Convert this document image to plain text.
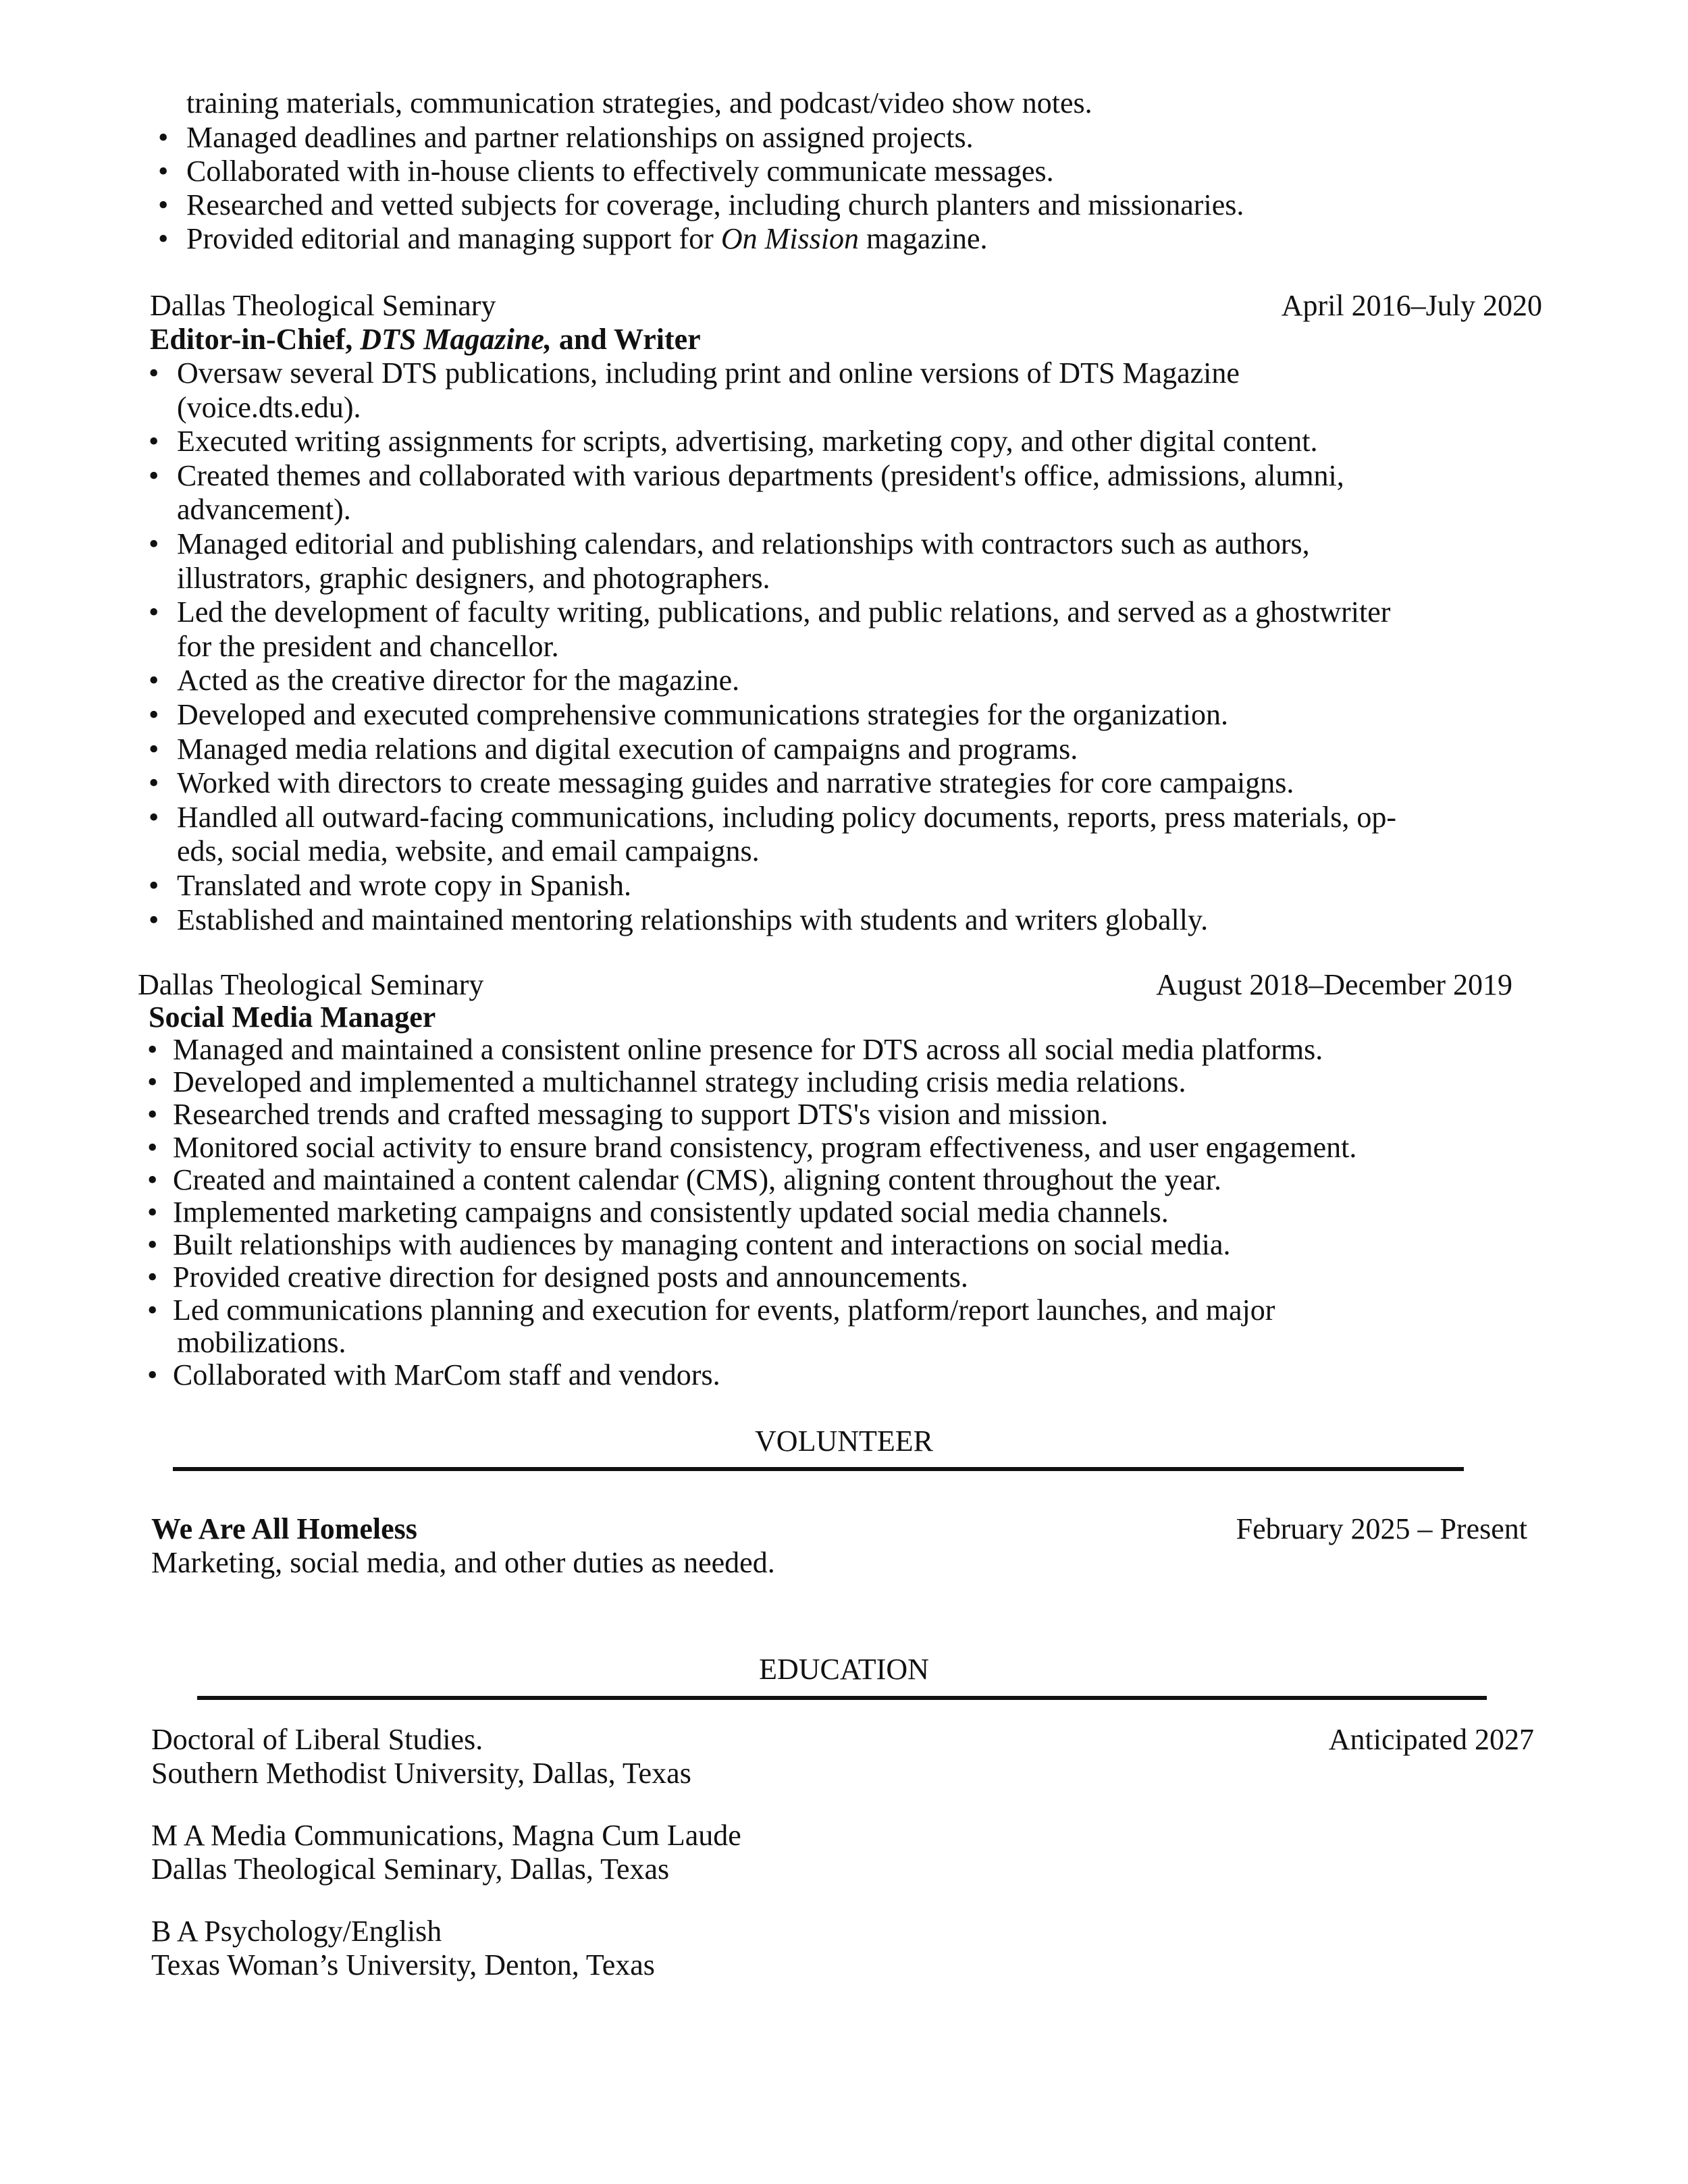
training materials, communication strategies, and podcast/video show notes.
• Managed deadlines and partner relationships on assigned projects.
• Collaborated with in-house clients to effectively communicate messages.
• Researched and vetted subjects for coverage, including church planters and missionaries.
• Provided editorial and managing support for On Mission magazine.
Dallas Theological Seminary	April 2016–July 2020
Editor-in-Chief, DTS Magazine, and Writer
• Oversaw several DTS publications, including print and online versions of DTS Magazine
(voice.dts.edu).
• Executed writing assignments for scripts, advertising, marketing copy, and other digital content.
• Created themes and collaborated with various departments (president's office, admissions, alumni,
advancement).
• Managed editorial and publishing calendars, and relationships with contractors such as authors,
illustrators, graphic designers, and photographers.
• Led the development of faculty writing, publications, and public relations, and served as a ghostwriter
for the president and chancellor.
• Acted as the creative director for the magazine.
• Developed and executed comprehensive communications strategies for the organization.
• Managed media relations and digital execution of campaigns and programs.
• Worked with directors to create messaging guides and narrative strategies for core campaigns.
• Handled all outward-facing communications, including policy documents, reports, press materials, op-
eds, social media, website, and email campaigns.
• Translated and wrote copy in Spanish.
• Established and maintained mentoring relationships with students and writers globally.
Dallas Theological Seminary	August 2018–December 2019
Social Media Manager
• Managed and maintained a consistent online presence for DTS across all social media platforms.
• Developed and implemented a multichannel strategy including crisis media relations.
• Researched trends and crafted messaging to support DTS's vision and mission.
• Monitored social activity to ensure brand consistency, program effectiveness, and user engagement.
• Created and maintained a content calendar (CMS), aligning content throughout the year.
• Implemented marketing campaigns and consistently updated social media channels.
• Built relationships with audiences by managing content and interactions on social media.
• Provided creative direction for designed posts and announcements.
• Led communications planning and execution for events, platform/report launches, and major
mobilizations.
• Collaborated with MarCom staff and vendors.
VOLUNTEER
We Are All Homeless	February 2025 – Present
Marketing, social media, and other duties as needed.
EDUCATION
Doctoral of Liberal Studies.	Anticipated 2027
Southern Methodist University, Dallas, Texas
M A Media Communications, Magna Cum Laude
Dallas Theological Seminary, Dallas, Texas
B A Psychology/English
Texas Woman’s University, Denton, Texas
